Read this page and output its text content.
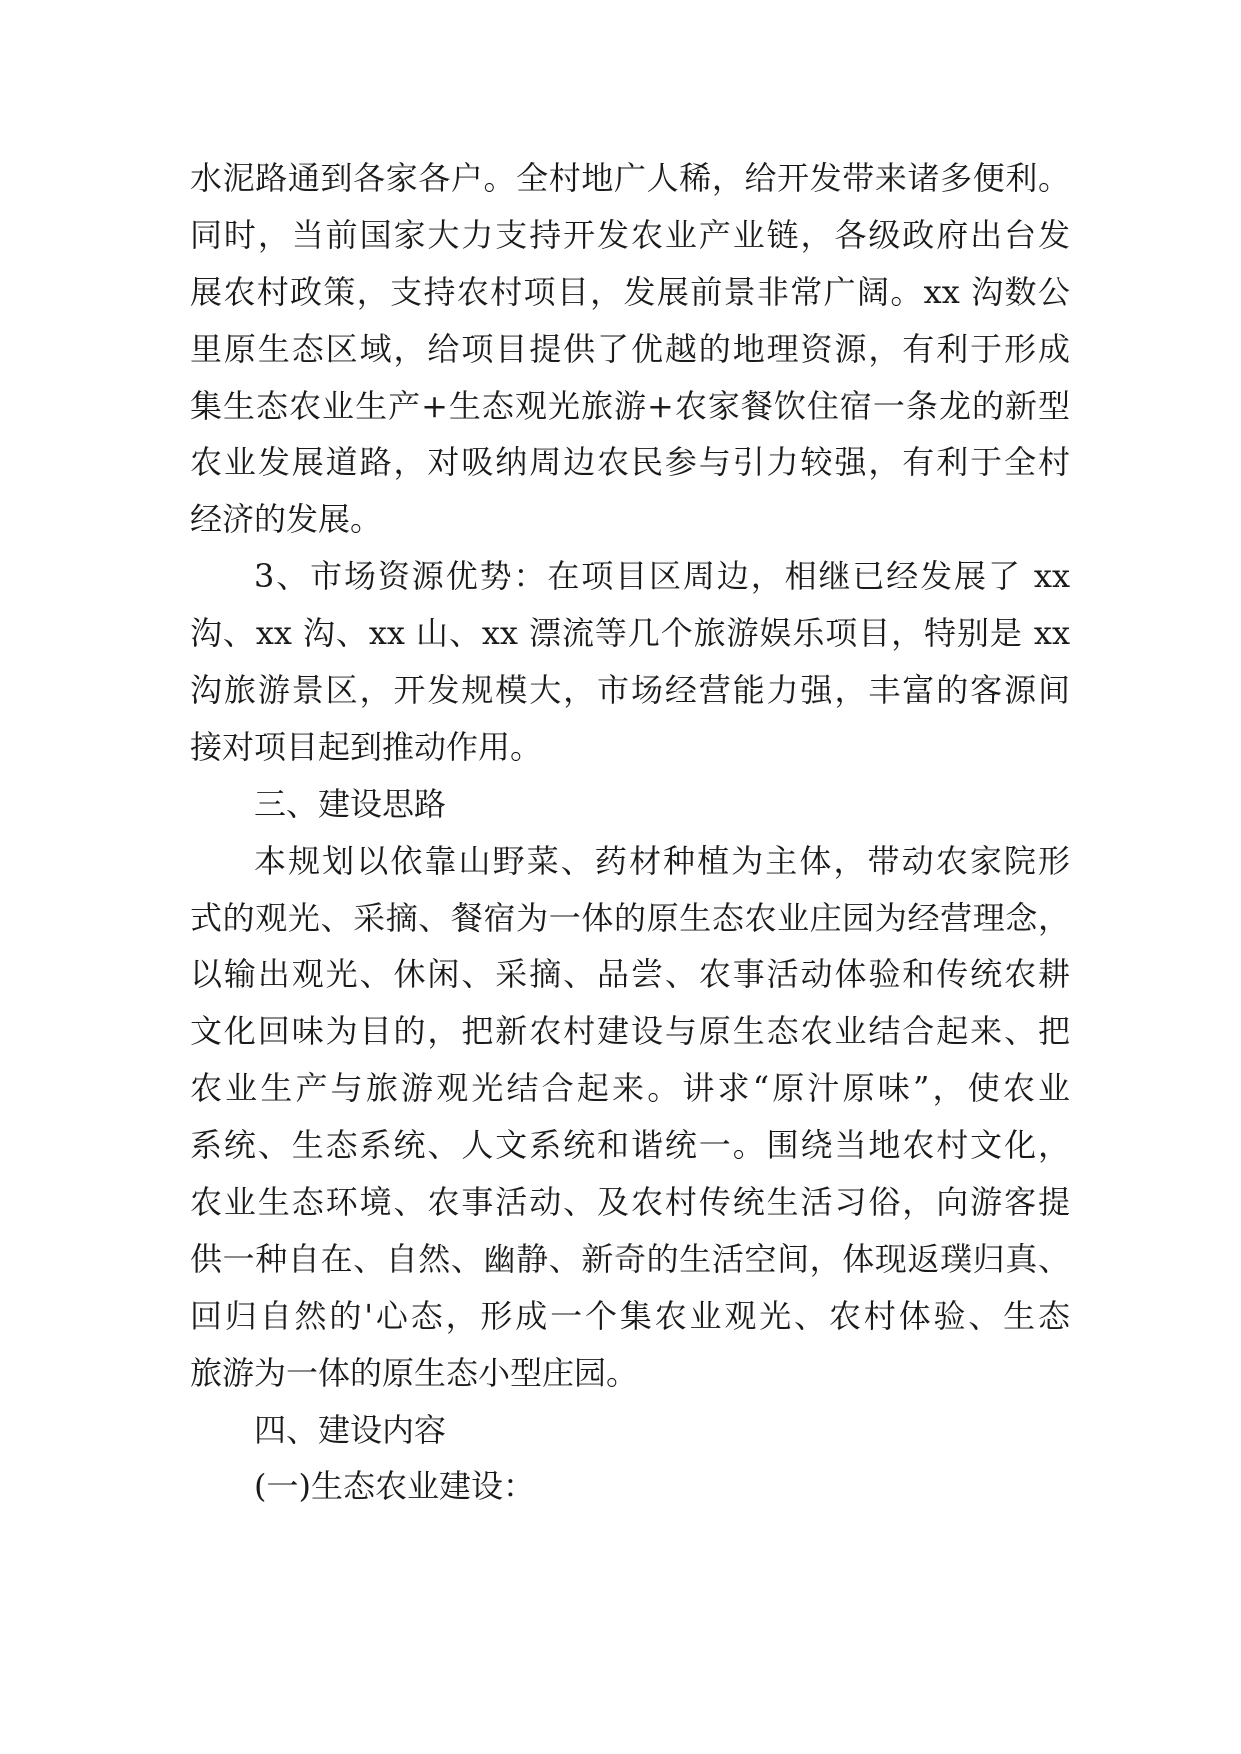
水泥路通到各家各户。全村地广人稀，给开发带来诸多便利。
同时，当前国家大力支持开发农业产业链，各级政府出台发
展农村政策，支持农村项目，发展前景非常广阔。xx 沟数公
里原生态区域，给项目提供了优越的地理资源，有利于形成
集生态农业生产+生态观光旅游+农家餐饮住宿一条龙的新型
农业发展道路，对吸纳周边农民参与引力较强，有利于全村
经济的发展。
3、市场资源优势：在项目区周边，相继已经发展了 xx
沟、xx 沟、xx 山、xx 漂流等几个旅游娱乐项目，特别是 xx
沟旅游景区，开发规模大，市场经营能力强，丰富的客源间
接对项目起到推动作用。
三、建设思路
本规划以依靠山野菜、药材种植为主体，带动农家院形
式的观光、采摘、餐宿为一体的原生态农业庄园为经营理念，
以输出观光、休闲、采摘、品尝、农事活动体验和传统农耕
文化回味为目的，把新农村建设与原生态农业结合起来、把
农业生产与旅游观光结合起来。讲求“原汁原味”，使农业
系统、生态系统、人文系统和谐统一。围绕当地农村文化，
农业生态环境、农事活动、及农村传统生活习俗，向游客提
供一种自在、自然、幽静、新奇的生活空间，体现返璞归真、
回归自然的'心态，形成一个集农业观光、农村体验、生态
旅游为一体的原生态小型庄园。
四、建设内容
(一)生态农业建设：
